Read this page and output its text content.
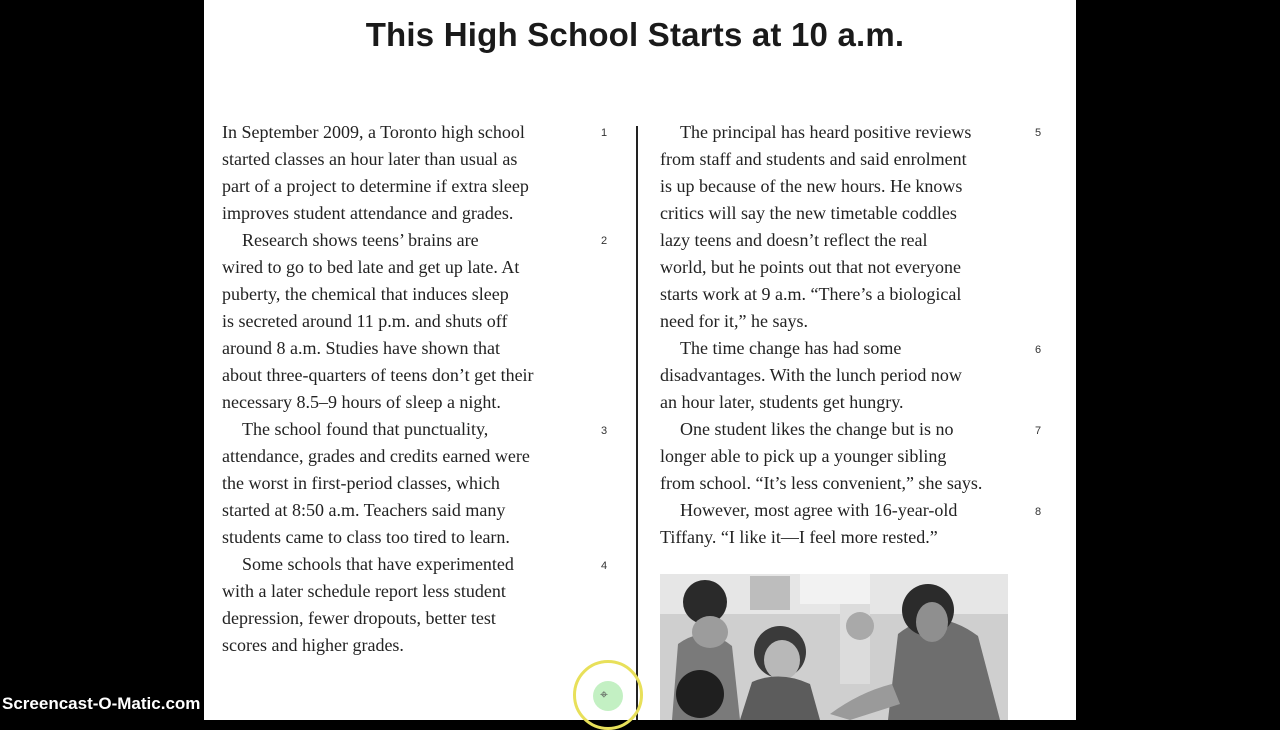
This High School Starts at 10 a.m.

In September 2009, a Toronto high school
started classes an hour later than usual as
part of a project to determine if extra sleep
improves student attendance and grades.

Research shows teens’ brains are
wired to go to bed late and get up late. At
puberty, the chemical that induces sleep
is secreted around 11 p.m. and shuts off
around 8 a.m. Studies have shown that
about three-quarters of teens don’t get their
necessary 8.5–9 hours of sleep a night.

The school found that punctuality,
attendance, grades and credits earned were
the worst in first-period classes, which
started at 8:50 a.m. Teachers said many
students came to class too tired to learn.

Some schools that have experimented
with a later schedule report less student
depression, fewer dropouts, better test
scores and higher grades.

1
2
3
4

The principal has heard positive reviews
from staff and students and said enrolment
is up because of the new hours. He knows
critics will say the new timetable coddles
lazy teens and doesn’t reflect the real
world, but he points out that not everyone
starts work at 9 a.m. “There’s a biological
need for it,” he says.

The time change has had some
disadvantages. With the lunch period now
an hour later, students get hungry.

One student likes the change but is no
longer able to pick up a younger sibling
from school. “It’s less convenient,” she says.

However, most agree with 16-year-old
Tiffany. “I like it—I feel more rested.”

5
6
7
8
⌖
Screencast-O-Matic.com
